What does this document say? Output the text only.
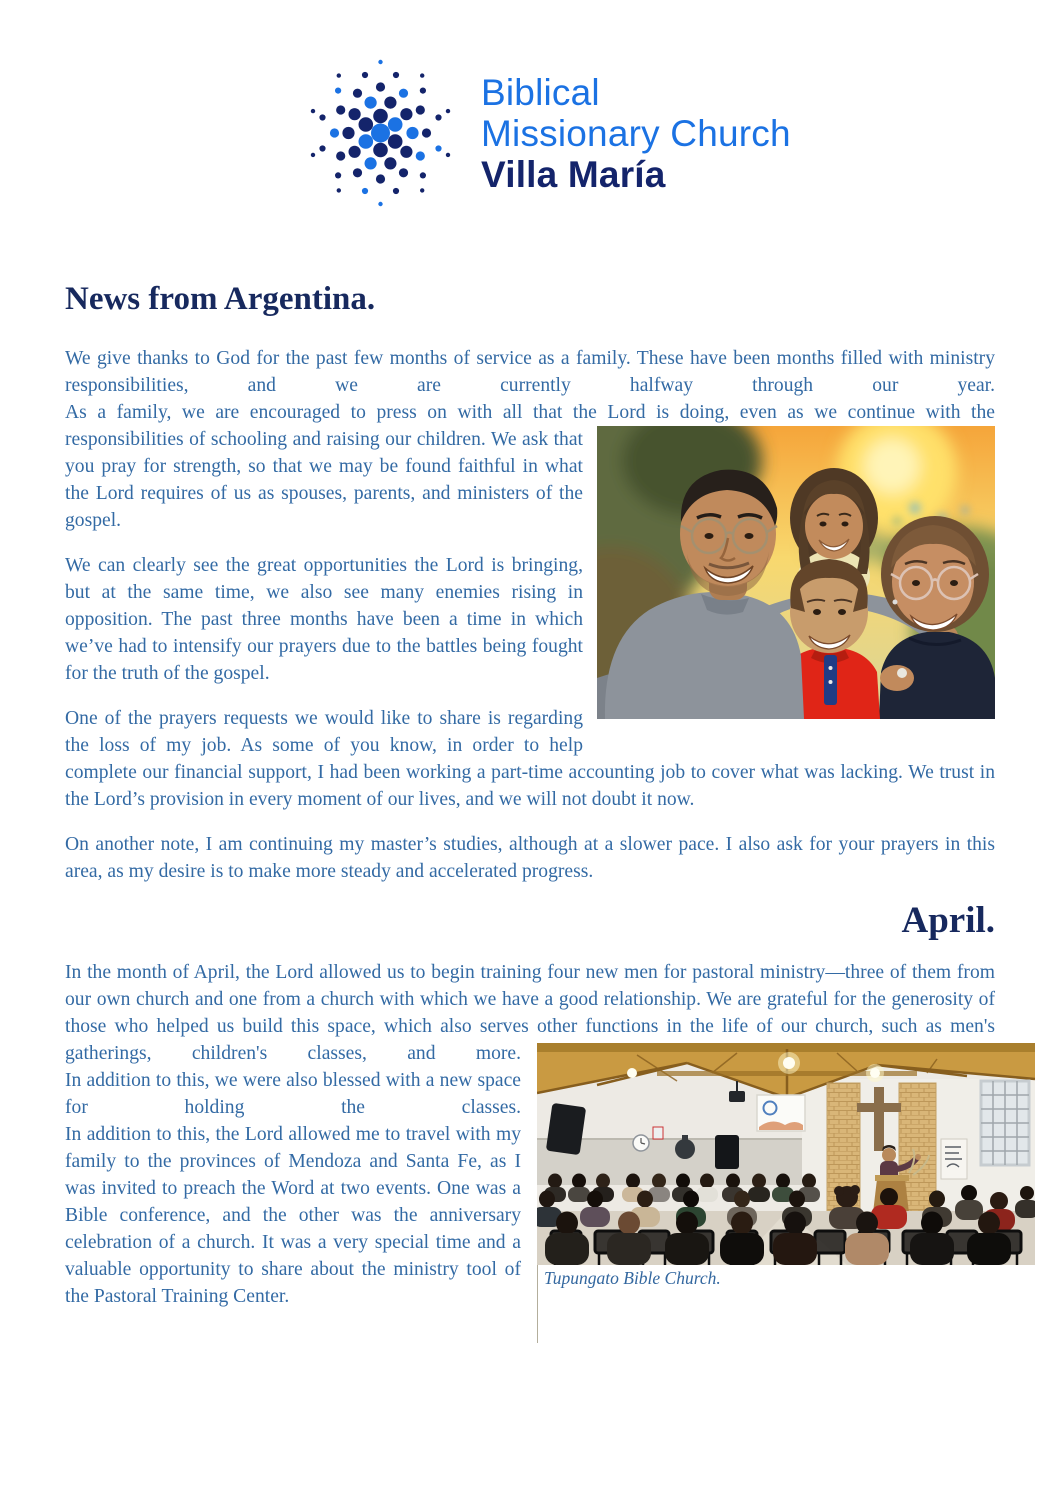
Biblical
Missionary Church
Villa María
News from Argentina.

We give thanks to God for the past few months of service as a family. These have been months filled with ministry responsibilities, and we are currently halfway through our year.

As a family, we are encouraged to press on with all that the Lord is doing, even as we continue with the responsibilities of schooling and raising our children. We ask that you pray for strength, so that we may be found faithful in what the Lord requires of us as spouses, parents, and ministers of the gospel.

We can clearly see the great opportunities the Lord is bringing, but at the same time, we also see many enemies rising in opposition. The past three months have been a time in which we’ve had to intensify our prayers due to the battles being fought for the truth of the gospel.

One of the prayers requests we would like to share is regarding the loss of my job. As some of you know, in order to help complete our financial support, I had been working a part-time accounting job to cover what was lacking. We trust in the Lord’s provision in every moment of our lives, and we will not doubt it now.

On another note, I am continuing my master’s studies, although at a slower pace. I also ask for your prayers in this area, as my desire is to make more steady and accelerated progress.

April.
Tupungato Bible Church.

In the month of April, the Lord allowed us to begin training four new men for pastoral ministry—three of them from our own church and one from a church with which we have a good relationship. We are grateful for the generosity of those who helped us build this space, which also serves other functions in the life of our church, such as men's gatherings, children's classes, and more.

In addition to this, we were also blessed with a new space for holding the classes.

In addition to this, the Lord allowed me to travel with my family to the provinces of Mendoza and Santa Fe, as I was invited to preach the Word at two events. One was a Bible conference, and the other was the anniversary celebration of a church. It was a very special time and a valuable opportunity to share about the ministry tool of the Pastoral Training Center.
